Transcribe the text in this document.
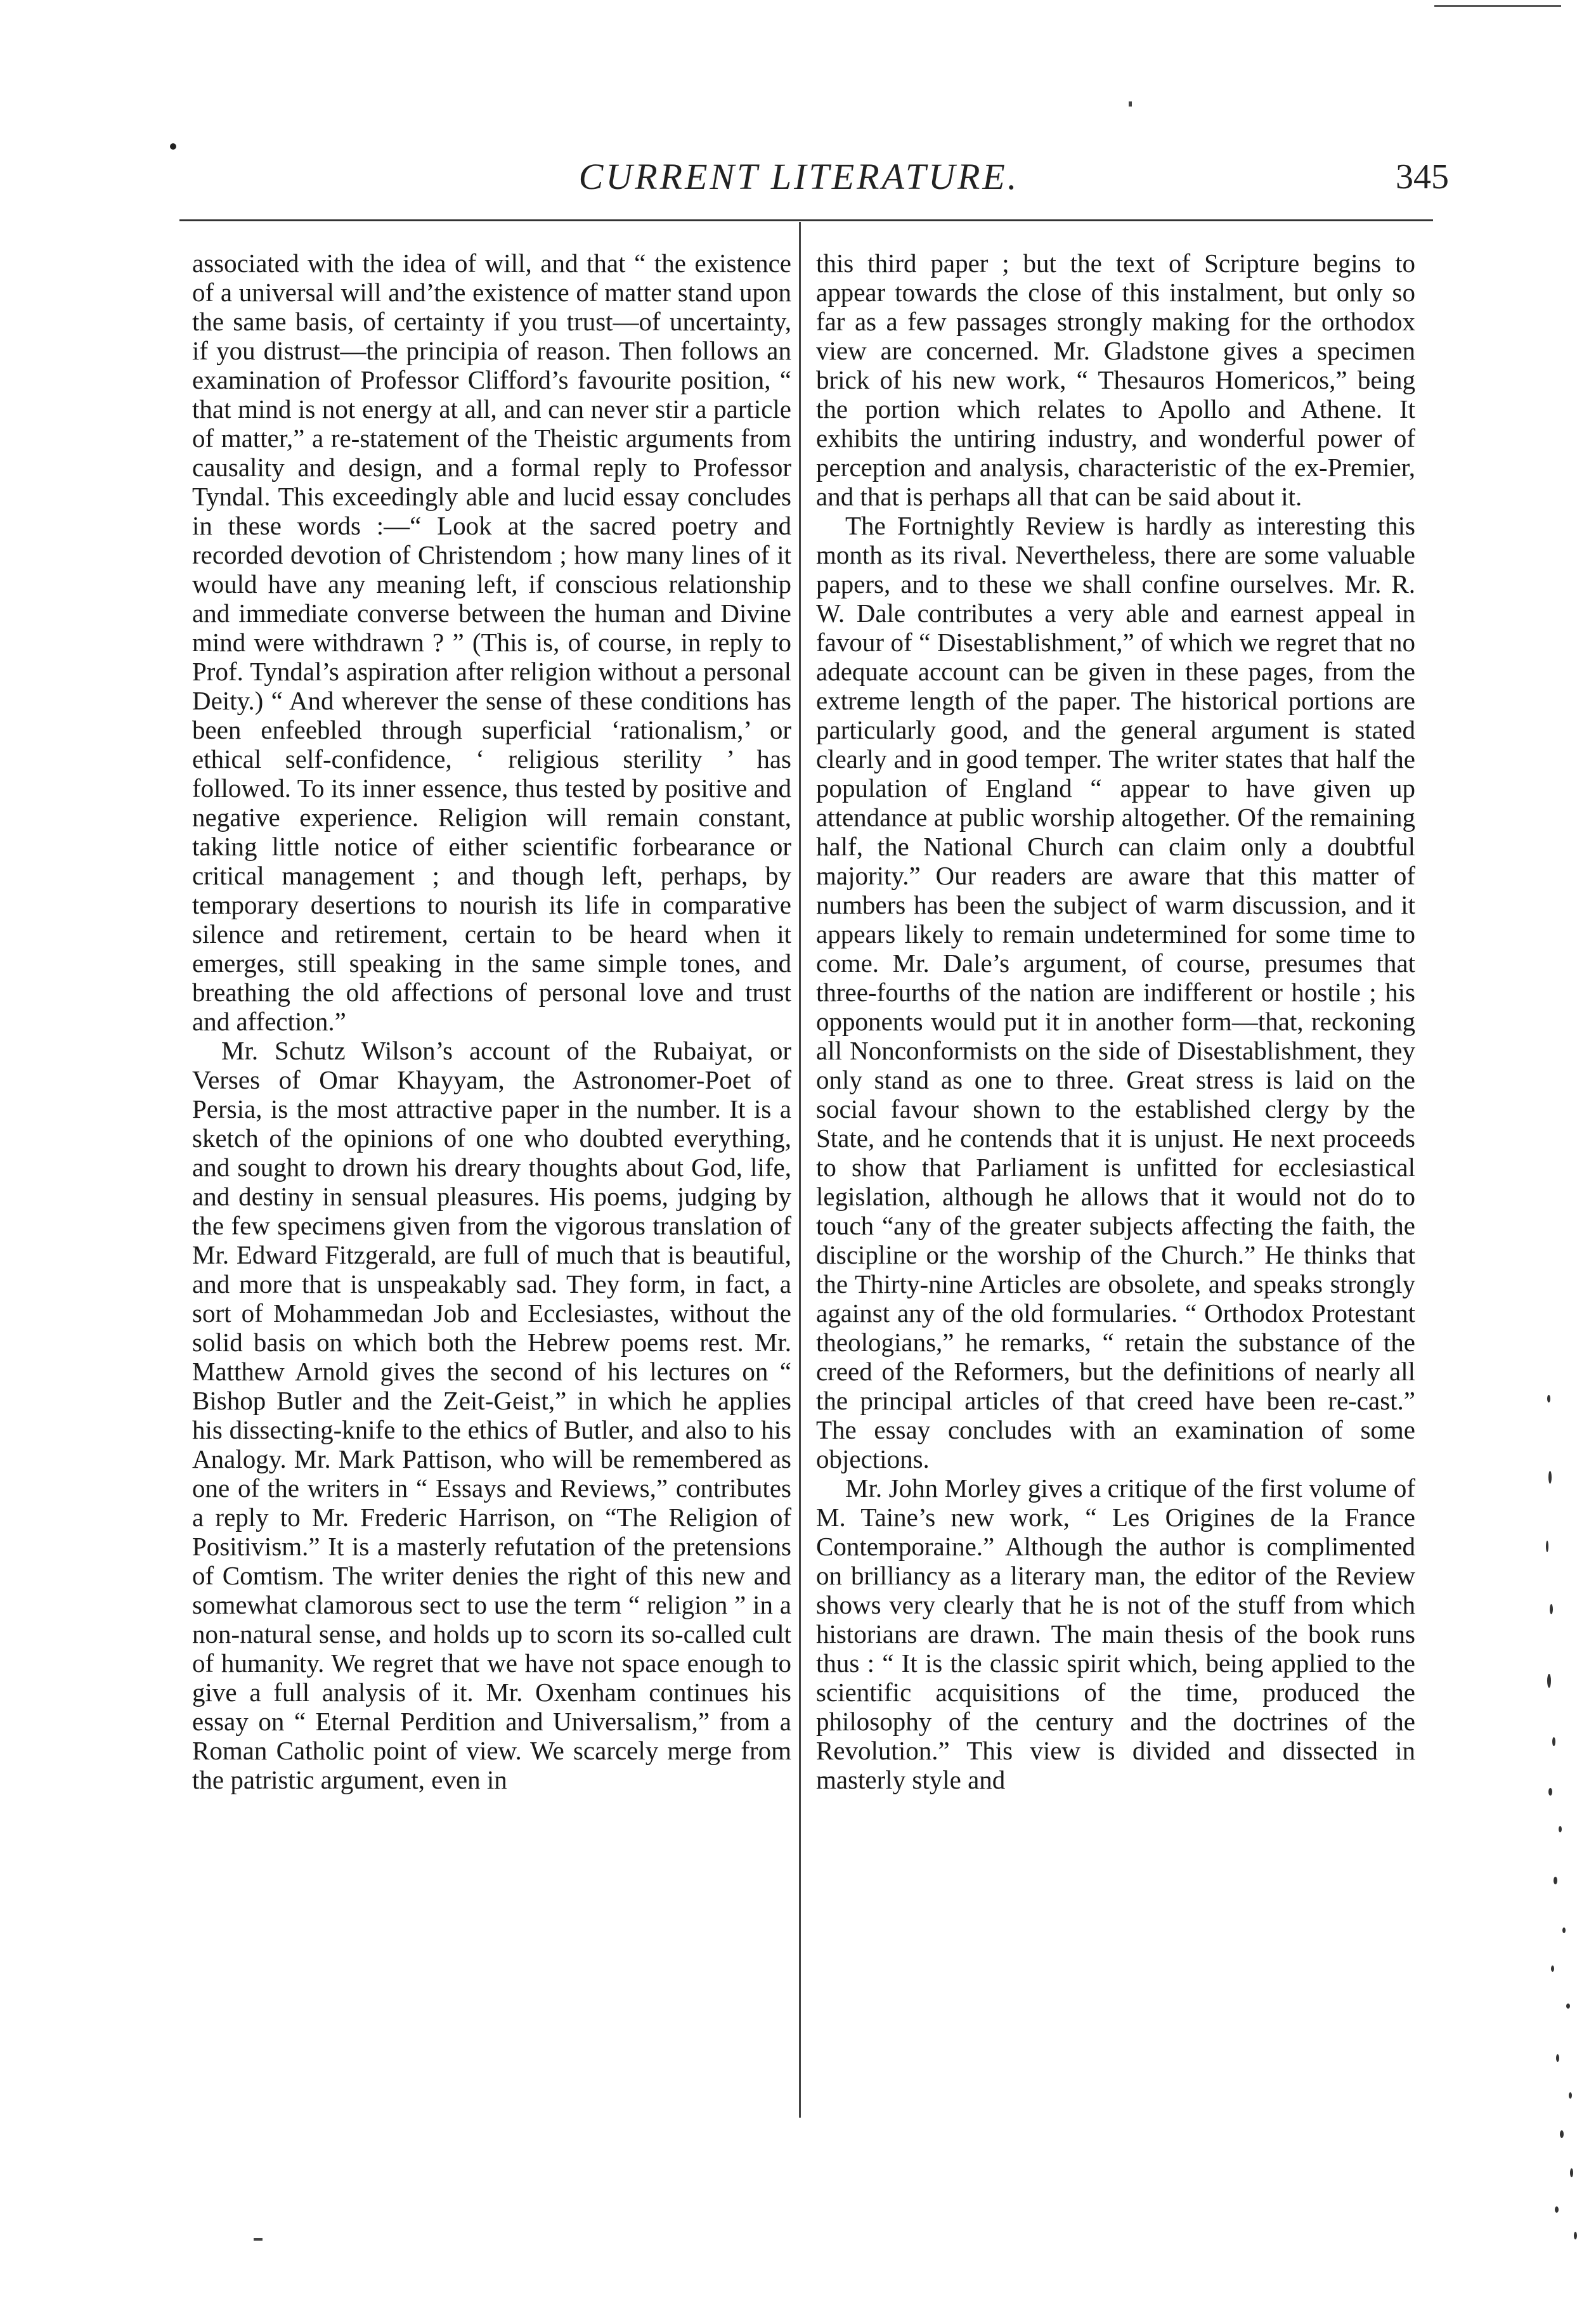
CURRENT LITERATURE.	345

associated with the idea of will, and that “ the existence of a universal will and’the existence of matter stand upon the same basis, of certainty if you trust—of uncertainty, if you distrust—the principia of reason. Then follows an examination of Professor Clifford’s favourite position, “ that mind is not energy at all, and can never stir a particle of matter,” a re-statement of the Theistic arguments from causality and design, and a formal reply to Professor Tyndal. This exceedingly able and lucid essay concludes in these words :—“ Look at the sacred poetry and recorded devotion of Christendom ; how many lines of it would have any meaning left, if conscious relationship and immediate converse between the human and Divine mind were withdrawn ? ” (This is, of course, in reply to Prof. Tyndal’s aspiration after religion without a personal Deity.) “ And wherever the sense of these conditions has been enfeebled through superficial ‘rationalism,’ or ethical self-confidence, ‘ religious sterility ’ has followed. To its inner essence, thus tested by positive and negative experience. Religion will remain constant, taking little notice of either scientific forbearance or critical management ; and though left, perhaps, by temporary desertions to nourish its life in comparative silence and retirement, certain to be heard when it emerges, still speaking in the same simple tones, and breathing the old affections of personal love and trust and affection.”

Mr. Schutz Wilson’s account of the Rubaiyat, or Verses of Omar Khayyam, the Astronomer-Poet of Persia, is the most attractive paper in the number. It is a sketch of the opinions of one who doubted everything, and sought to drown his dreary thoughts about God, life, and destiny in sensual pleasures. His poems, judging by the few specimens given from the vigorous translation of Mr. Edward Fitzgerald, are full of much that is beautiful, and more that is unspeakably sad. They form, in fact, a sort of Mohammedan Job and Ecclesiastes, without the solid basis on which both the Hebrew poems rest. Mr. Matthew Arnold gives the second of his lectures on “ Bishop Butler and the Zeit-Geist,” in which he applies his dissecting-knife to the ethics of Butler, and also to his Analogy. Mr. Mark Pattison, who will be remembered as one of the writers in “ Essays and Reviews,” contributes a reply to Mr. Frederic Harrison, on “The Religion of Positivism.” It is a masterly refutation of the pretensions of Comtism. The writer denies the right of this new and somewhat clamorous sect to use the term “ religion ” in a non-natural sense, and holds up to scorn its so-called cult of humanity. We regret that we have not space enough to give a full analysis of it. Mr. Oxenham continues his essay on “ Eternal Perdition and Universalism,” from a Roman Catholic point of view. We scarcely merge from the patristic argument, even in

this third paper ; but the text of Scripture begins to appear towards the close of this instalment, but only so far as a few passages strongly making for the orthodox view are concerned. Mr. Gladstone gives a specimen brick of his new work, “ Thesauros Homericos,” being the portion which relates to Apollo and Athene. It exhibits the untiring industry, and wonderful power of perception and analysis, characteristic of the ex-Premier, and that is perhaps all that can be said about it.

The Fortnightly Review is hardly as interesting this month as its rival. Nevertheless, there are some valuable papers, and to these we shall confine ourselves. Mr. R. W. Dale contributes a very able and earnest appeal in favour of “ Disestablishment,” of which we regret that no adequate account can be given in these pages, from the extreme length of the paper. The historical portions are particularly good, and the general argument is stated clearly and in good temper. The writer states that half the population of England “ appear to have given up attendance at public worship altogether. Of the remaining half, the National Church can claim only a doubtful majority.” Our readers are aware that this matter of numbers has been the subject of warm discussion, and it appears likely to remain undetermined for some time to come. Mr. Dale’s argument, of course, presumes that three-fourths of the nation are indifferent or hostile ; his opponents would put it in another form—that, reckoning all Nonconformists on the side of Disestablishment, they only stand as one to three. Great stress is laid on the social favour shown to the established clergy by the State, and he contends that it is unjust. He next proceeds to show that Parliament is unfitted for ecclesiastical legislation, although he allows that it would not do to touch “any of the greater subjects affecting the faith, the discipline or the worship of the Church.” He thinks that the Thirty-nine Articles are obsolete, and speaks strongly against any of the old formularies. “ Orthodox Protestant theologians,” he remarks, “ retain the substance of the creed of the Reformers, but the definitions of nearly all the principal articles of that creed have been re-cast.” The essay concludes with an examination of some objections.

Mr. John Morley gives a critique of the first volume of M. Taine’s new work, “ Les Origines de la France Contemporaine.” Although the author is complimented on brilliancy as a literary man, the editor of the Review shows very clearly that he is not of the stuff from which historians are drawn. The main thesis of the book runs thus : “ It is the classic spirit which, being applied to the scientific acquisitions of the time, produced the philosophy of the century and the doctrines of the Revolution.” This view is divided and dissected in masterly style and
